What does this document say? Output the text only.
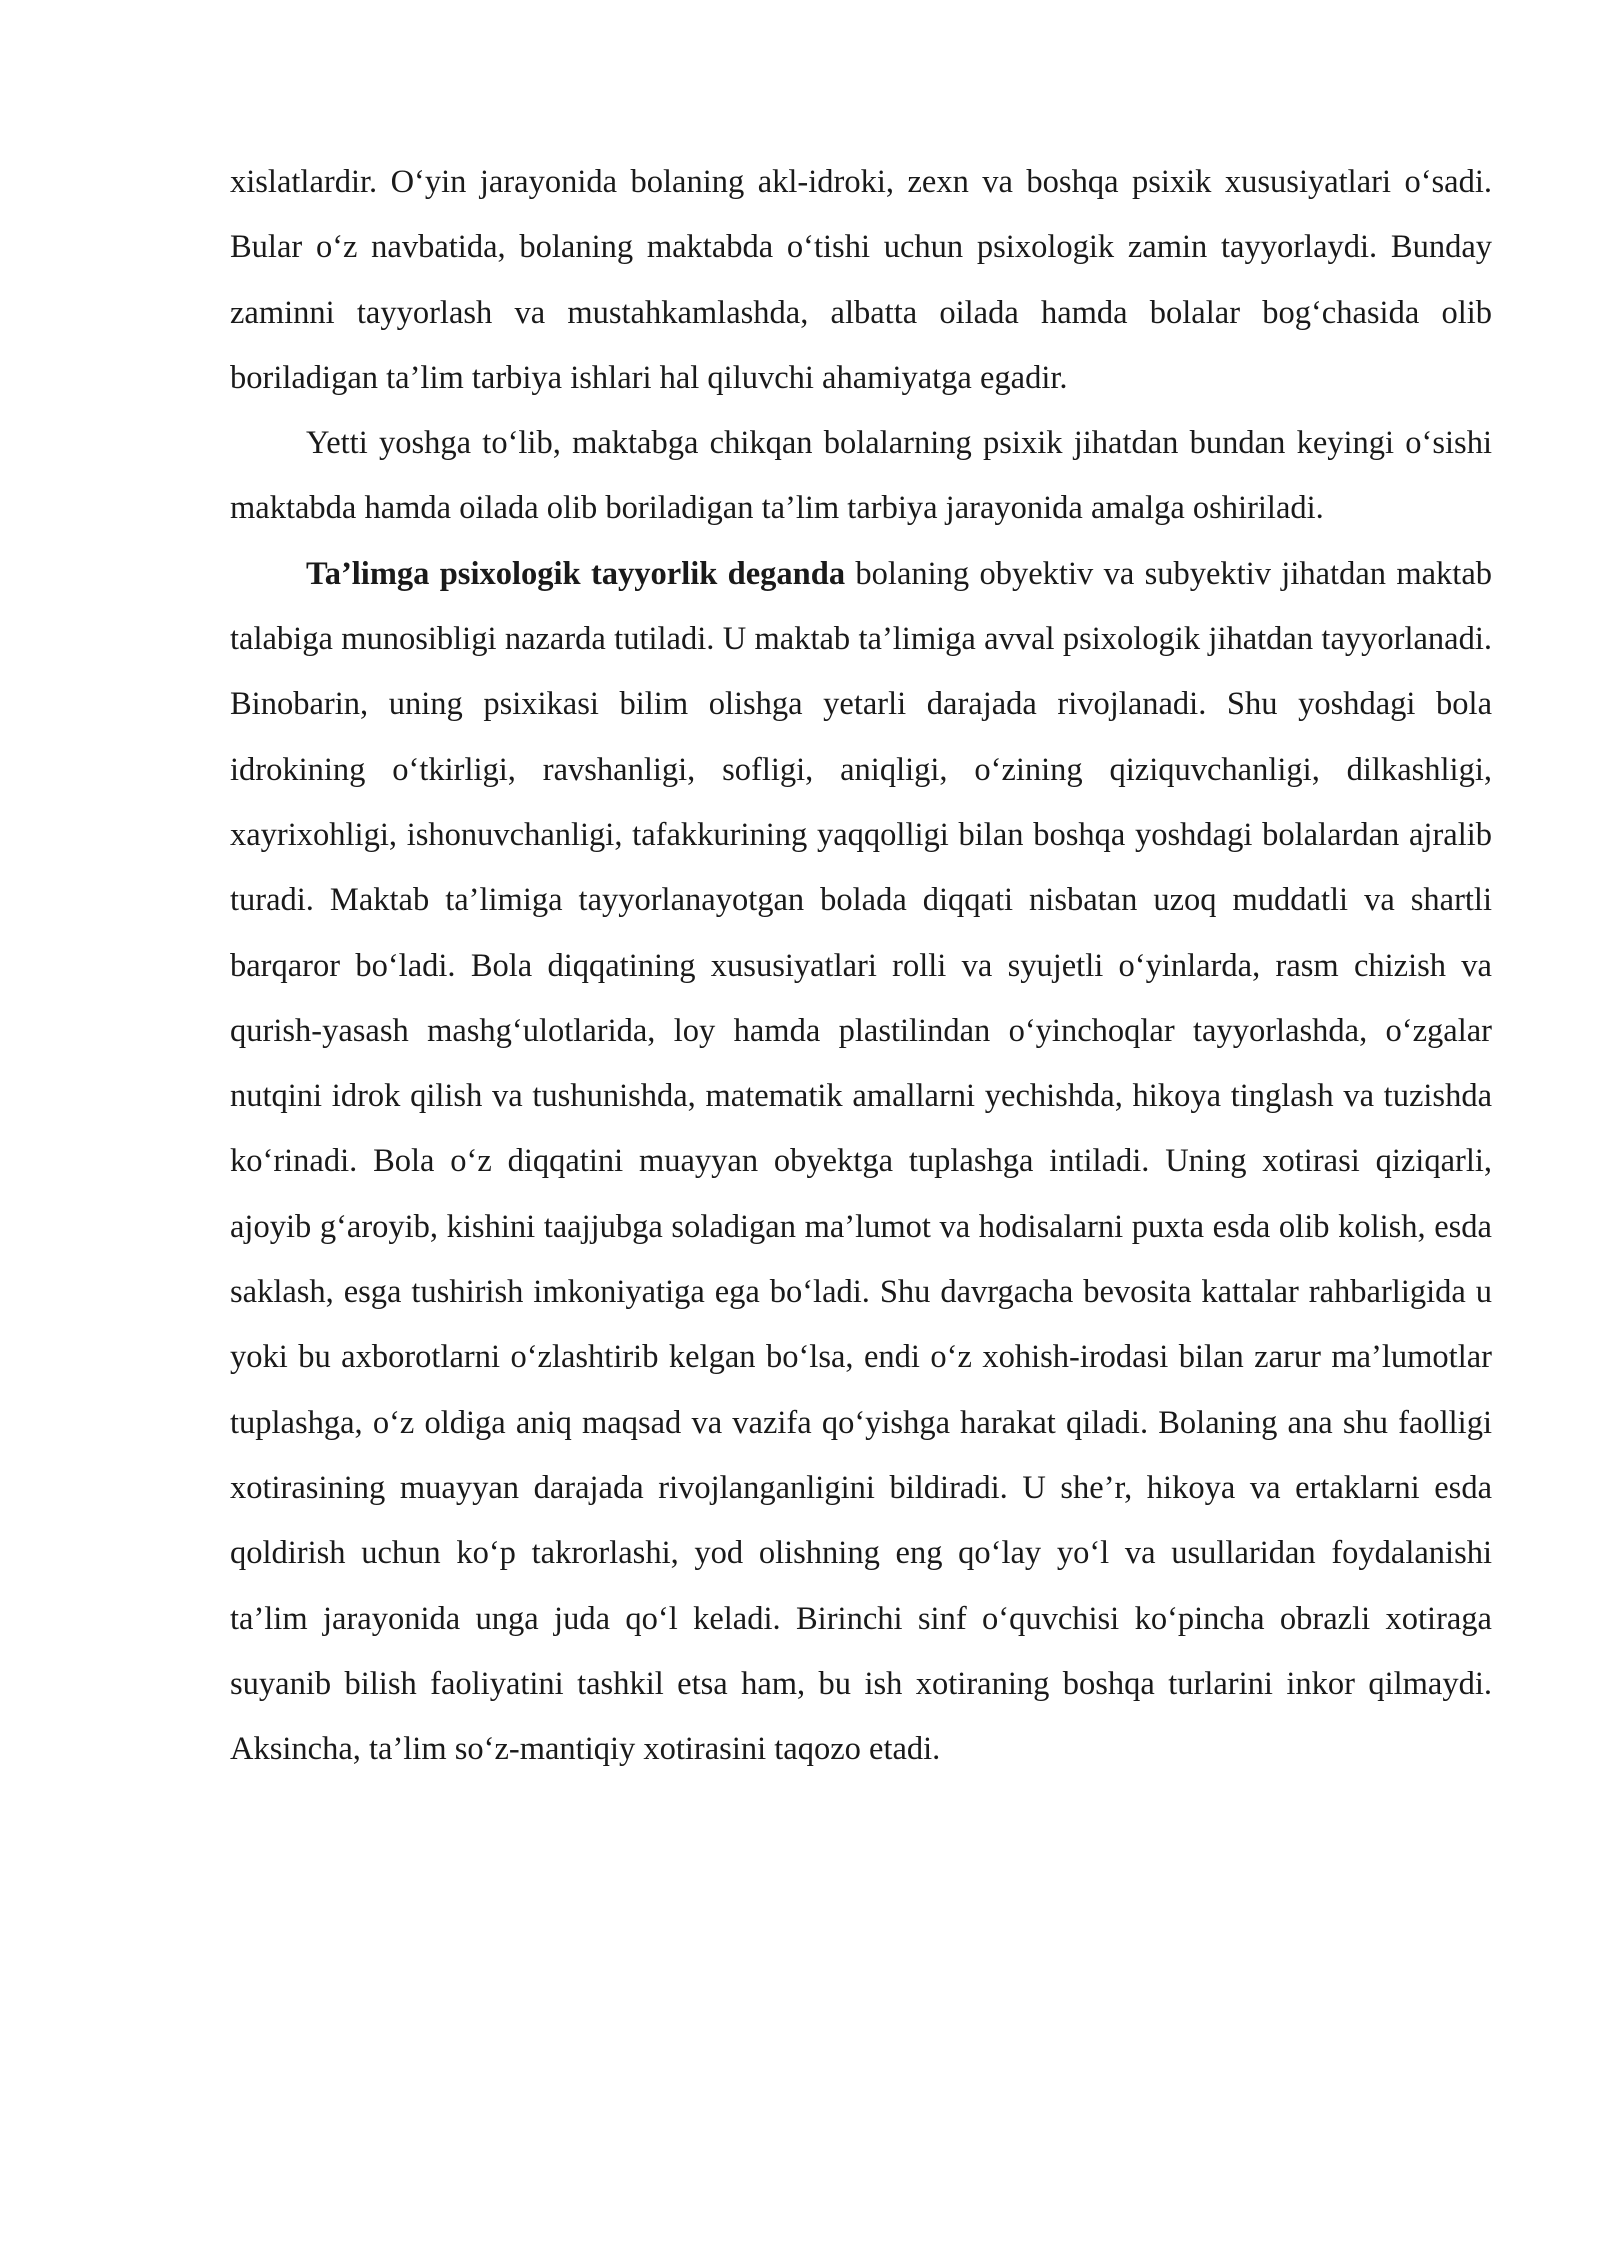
xislatlardir. O‘yin jarayonida bolaning akl-idroki, zexn va boshqa psixik xususiyatlari o‘sadi. Bular o‘z navbatida, bolaning maktabda o‘tishi uchun psixologik zamin tayyorlaydi. Bunday zaminni tayyorlash va mustahkamlashda, albatta oilada hamda bolalar bog‘chasida olib boriladigan ta’lim tarbiya ishlari hal qiluvchi ahamiyatga egadir.

Yetti yoshga to‘lib, maktabga chikqan bolalarning psixik jihatdan bundan keyingi o‘sishi maktabda hamda oilada olib boriladigan ta’lim tarbiya jarayonida amalga oshiriladi.

Ta’limga psixologik tayyorlik deganda bolaning obyektiv va subyektiv jihatdan maktab talabiga munosibligi nazarda tutiladi. U maktab ta’limiga avval psixologik jihatdan tayyorlanadi. Binobarin, uning psixikasi bilim olishga yetarli darajada rivojlanadi. Shu yoshdagi bola idrokining o‘tkirligi, ravshanligi, sofligi, aniqligi, o‘zining qiziquvchanligi, dilkashligi, xayrixohligi, ishonuvchanligi, tafakkurining yaqqolligi bilan boshqa yoshdagi bolalardan ajralib turadi. Maktab ta’limiga tayyorlanayotgan bolada diqqati nisbatan uzoq muddatli va shartli barqaror bo‘ladi. Bola diqqatining xususiyatlari rolli va syujetli o‘yinlarda, rasm chizish va qurish-yasash mashg‘ulotlarida, loy hamda plastilindan o‘yinchoqlar tayyorlashda, o‘zgalar nutqini idrok qilish va tushunishda, matematik amallarni yechishda, hikoya tinglash va tuzishda ko‘rinadi. Bola o‘z diqqatini muayyan obyektga tuplashga intiladi. Uning xotirasi qiziqarli, ajoyib g‘aroyib, kishini taajjubga soladigan ma’lumot va hodisalarni puxta esda olib kolish, esda saklash, esga tushirish imkoniyatiga ega bo‘ladi. Shu davrgacha bevosita kattalar rahbarligida u yoki bu axborotlarni o‘zlashtirib kelgan bo‘lsa, endi o‘z xohish-irodasi bilan zarur ma’lumotlar tuplashga, o‘z oldiga aniq maqsad va vazifa qo‘yishga harakat qiladi. Bolaning ana shu faolligi xotirasining muayyan darajada rivojlanganligini bildiradi. U she’r, hikoya va ertaklarni esda qoldirish uchun ko‘p takrorlashi, yod olishning eng qo‘lay yo‘l va usullaridan foydalanishi ta’lim jarayonida unga juda qo‘l keladi. Birinchi sinf o‘quvchisi ko‘pincha obrazli xotiraga suyanib bilish faoliyatini tashkil etsa ham, bu ish xotiraning boshqa turlarini inkor qilmaydi. Aksincha, ta’lim so‘z-mantiqiy xotirasini taqozo etadi.
